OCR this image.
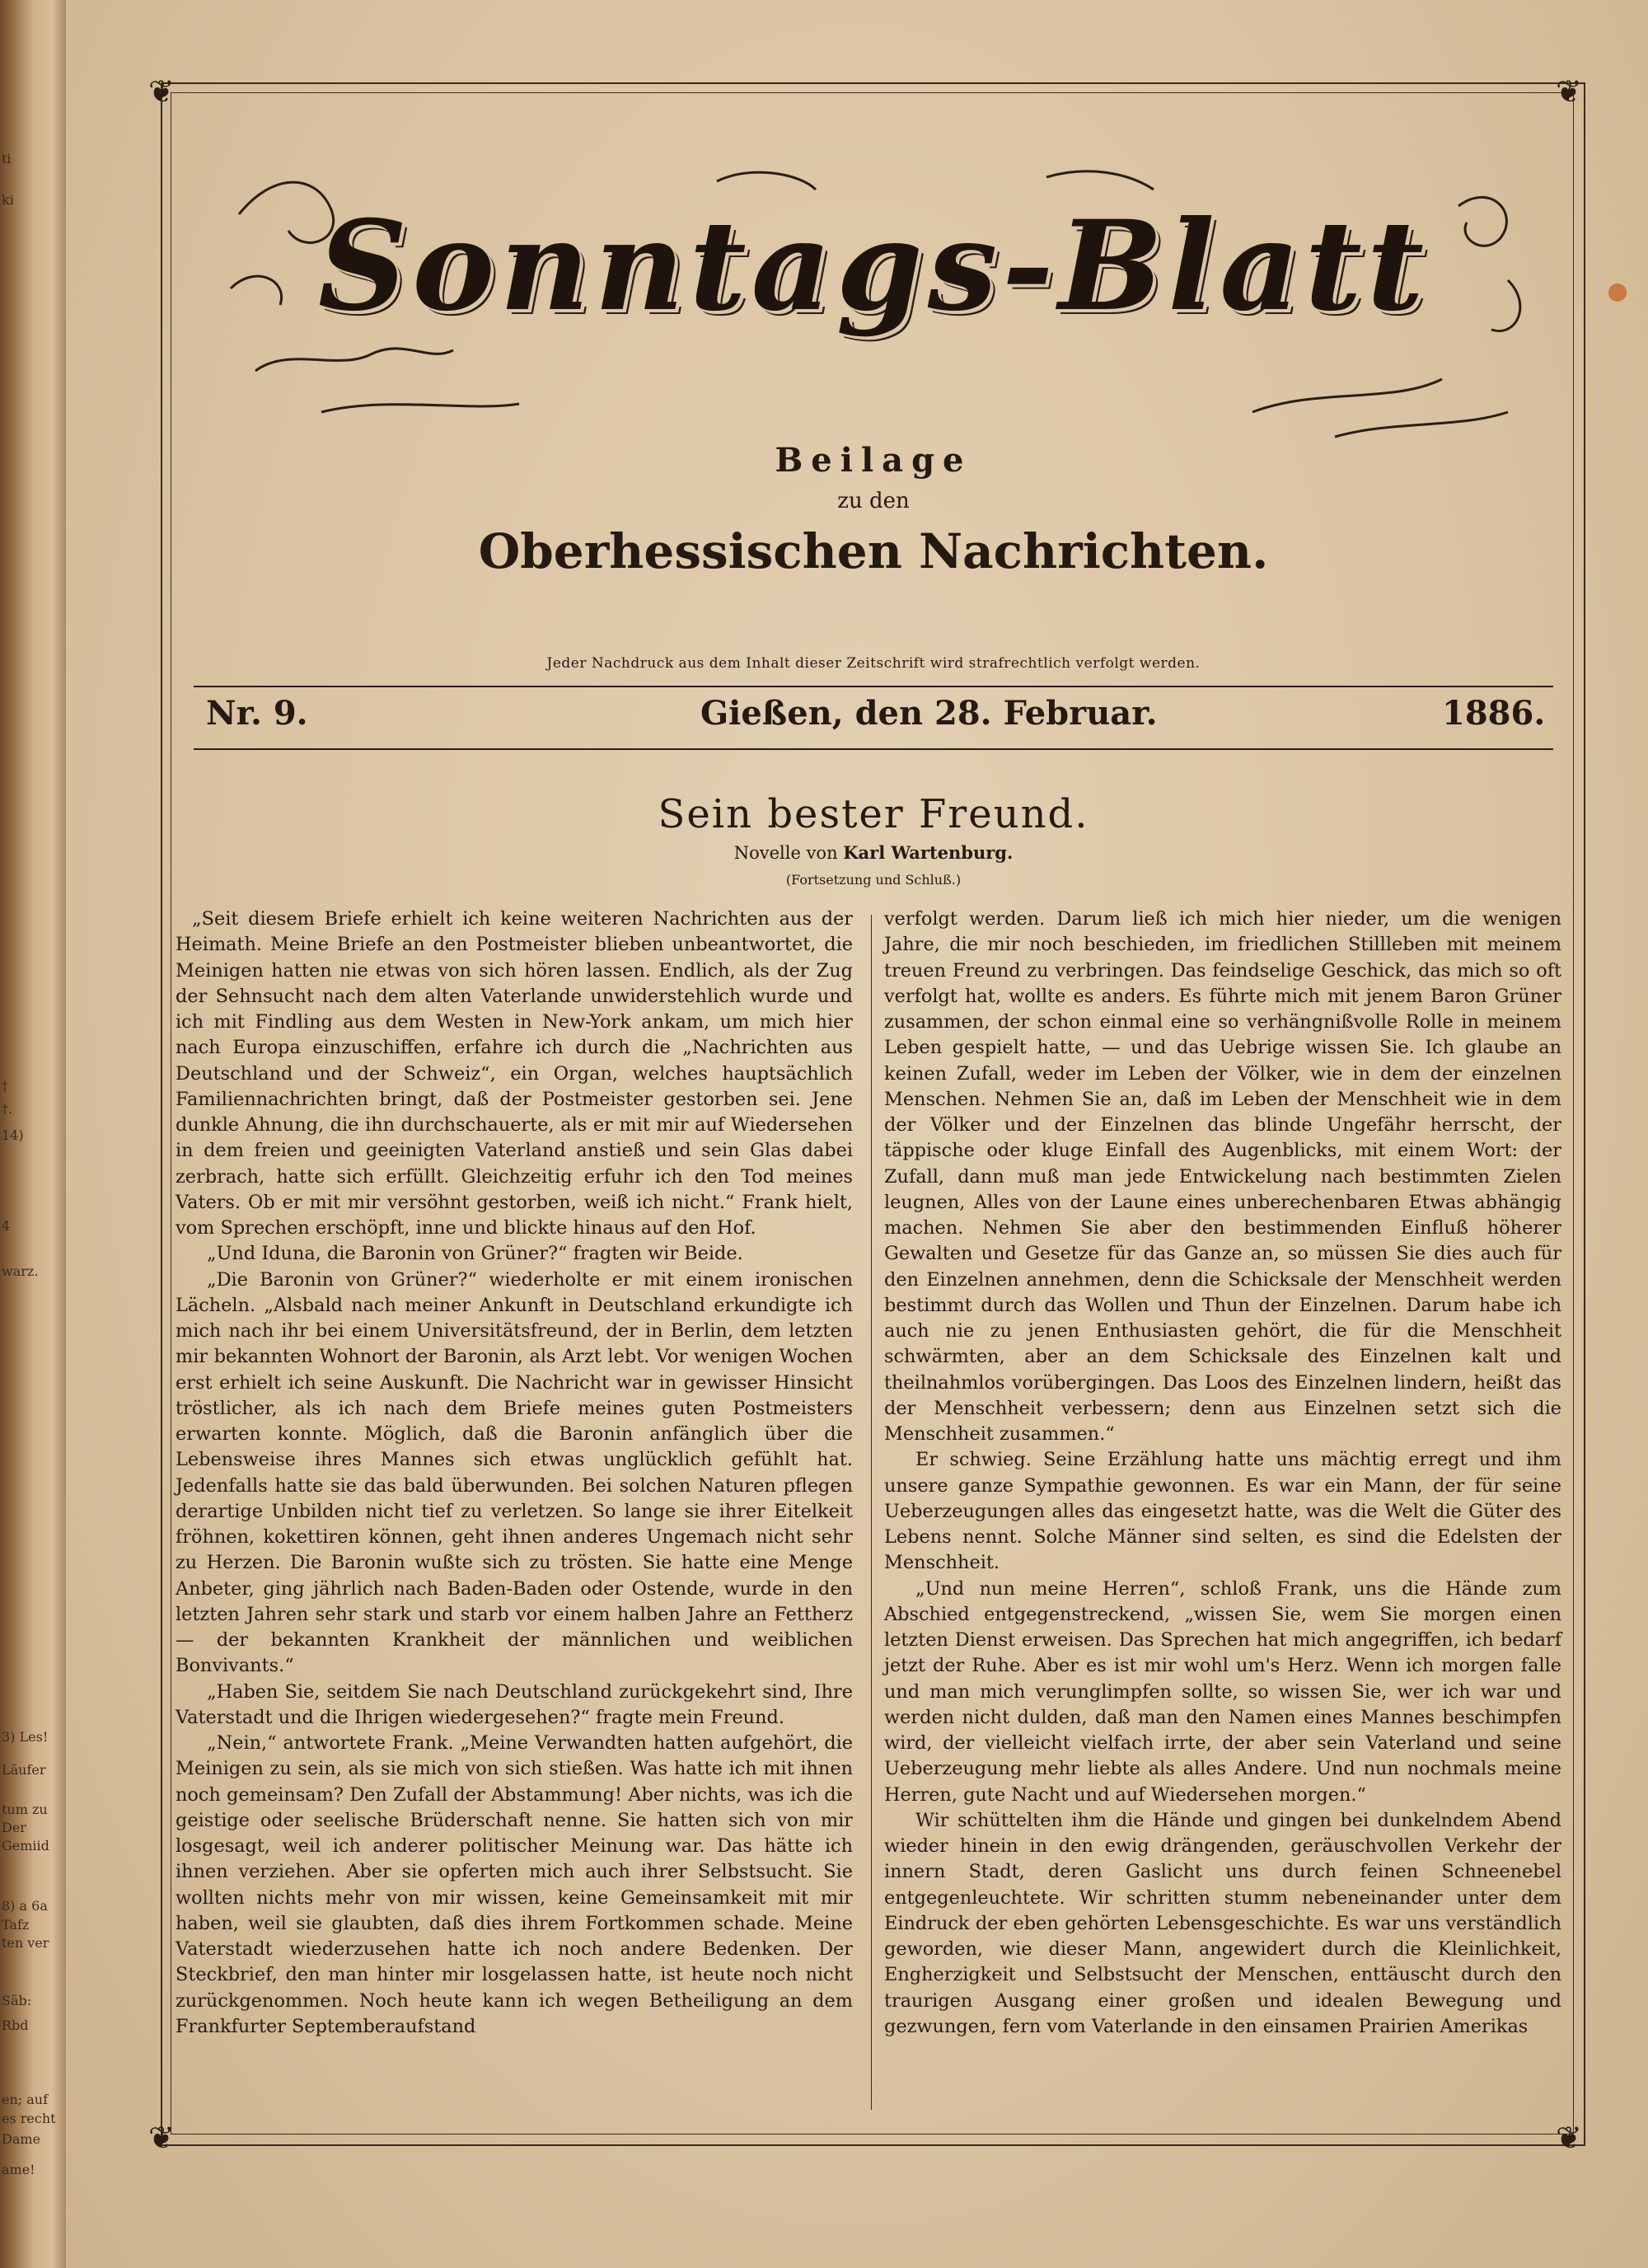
ti
ki
†
†.
14)
4
warz.
3) Les!
Läufer
tum zu
Der
Gemiid
8) a 6a
Tafz
ten ver
Säb:
Rbd
en; auf
es recht
Dame
ame!
❦	❦
❦	❦
Sonntags-Blatt
Beilage
zu den
Oberhessischen Nachrichten.
Jeder Nachdruck aus dem Inhalt dieser Zeitschrift wird strafrechtlich verfolgt werden.
Nr. 9.	Gießen, den 28. Februar.	1886.
Sein bester Freund.
Novelle von Karl Wartenburg.
(Fortsetzung und Schluß.)

„Seit diesem Briefe erhielt ich keine weiteren Nachrichten aus der Heimath. Meine Briefe an den Postmeister blieben unbeantwortet, die Meinigen hatten nie etwas von sich hören lassen. Endlich, als der Zug der Sehnsucht nach dem alten Vaterlande unwiderstehlich wurde und ich mit Findling aus dem Westen in New-York ankam, um mich hier nach Europa einzuschiffen, erfahre ich durch die „Nachrichten aus Deutschland und der Schweiz“, ein Organ, welches hauptsächlich Familiennachrichten bringt, daß der Postmeister gestorben sei. Jene dunkle Ahnung, die ihn durchschauerte, als er mit mir auf Wiedersehen in dem freien und geeinigten Vaterland anstieß und sein Glas dabei zerbrach, hatte sich erfüllt. Gleichzeitig erfuhr ich den Tod meines Vaters. Ob er mit mir versöhnt gestorben, weiß ich nicht.“ Frank hielt, vom Sprechen erschöpft, inne und blickte hinaus auf den Hof.

„Und Iduna, die Baronin von Grüner?“ fragten wir Beide.

„Die Baronin von Grüner?“ wiederholte er mit einem ironischen Lächeln. „Alsbald nach meiner Ankunft in Deutschland erkundigte ich mich nach ihr bei einem Universitätsfreund, der in Berlin, dem letzten mir bekannten Wohnort der Baronin, als Arzt lebt. Vor wenigen Wochen erst erhielt ich seine Auskunft. Die Nachricht war in gewisser Hinsicht tröstlicher, als ich nach dem Briefe meines guten Postmeisters erwarten konnte. Möglich, daß die Baronin anfänglich über die Lebensweise ihres Mannes sich etwas unglücklich gefühlt hat. Jedenfalls hatte sie das bald überwunden. Bei solchen Naturen pflegen derartige Unbilden nicht tief zu verletzen. So lange sie ihrer Eitelkeit fröhnen, kokettiren können, geht ihnen anderes Ungemach nicht sehr zu Herzen. Die Baronin wußte sich zu trösten. Sie hatte eine Menge Anbeter, ging jährlich nach Baden-Baden oder Ostende, wurde in den letzten Jahren sehr stark und starb vor einem halben Jahre an Fettherz — der bekannten Krankheit der männlichen und weiblichen Bonvivants.“

„Haben Sie, seitdem Sie nach Deutschland zurückgekehrt sind, Ihre Vaterstadt und die Ihrigen wiedergesehen?“ fragte mein Freund.

„Nein,“ antwortete Frank. „Meine Verwandten hatten aufgehört, die Meinigen zu sein, als sie mich von sich stießen. Was hatte ich mit ihnen noch gemeinsam? Den Zufall der Abstammung! Aber nichts, was ich die geistige oder seelische Brüderschaft nenne. Sie hatten sich von mir losgesagt, weil ich anderer politischer Meinung war. Das hätte ich ihnen verziehen. Aber sie opferten mich auch ihrer Selbstsucht. Sie wollten nichts mehr von mir wissen, keine Gemeinsamkeit mit mir haben, weil sie glaubten, daß dies ihrem Fortkommen schade. Meine Vaterstadt wiederzusehen hatte ich noch andere Bedenken. Der Steckbrief, den man hinter mir losgelassen hatte, ist heute noch nicht zurückgenommen. Noch heute kann ich wegen Betheiligung an dem Frankfurter Septemberaufstand

verfolgt werden. Darum ließ ich mich hier nieder, um die wenigen Jahre, die mir noch beschieden, im friedlichen Stillleben mit meinem treuen Freund zu verbringen. Das feindselige Geschick, das mich so oft verfolgt hat, wollte es anders. Es führte mich mit jenem Baron Grüner zusammen, der schon einmal eine so verhängnißvolle Rolle in meinem Leben gespielt hatte, — und das Uebrige wissen Sie. Ich glaube an keinen Zufall, weder im Leben der Völker, wie in dem der einzelnen Menschen. Nehmen Sie an, daß im Leben der Menschheit wie in dem der Völker und der Einzelnen das blinde Ungefähr herrscht, der täppische oder kluge Einfall des Augenblicks, mit einem Wort: der Zufall, dann muß man jede Entwickelung nach bestimmten Zielen leugnen, Alles von der Laune eines unberechenbaren Etwas abhängig machen. Nehmen Sie aber den bestimmenden Einfluß höherer Gewalten und Gesetze für das Ganze an, so müssen Sie dies auch für den Einzelnen annehmen, denn die Schicksale der Menschheit werden bestimmt durch das Wollen und Thun der Einzelnen. Darum habe ich auch nie zu jenen Enthusiasten gehört, die für die Menschheit schwärmten, aber an dem Schicksale des Einzelnen kalt und theilnahmlos vorübergingen. Das Loos des Einzelnen lindern, heißt das der Menschheit verbessern; denn aus Einzelnen setzt sich die Menschheit zusammen.“

Er schwieg. Seine Erzählung hatte uns mächtig erregt und ihm unsere ganze Sympathie gewonnen. Es war ein Mann, der für seine Ueberzeugungen alles das eingesetzt hatte, was die Welt die Güter des Lebens nennt. Solche Männer sind selten, es sind die Edelsten der Menschheit.

„Und nun meine Herren“, schloß Frank, uns die Hände zum Abschied entgegenstreckend, „wissen Sie, wem Sie morgen einen letzten Dienst erweisen. Das Sprechen hat mich angegriffen, ich bedarf jetzt der Ruhe. Aber es ist mir wohl um's Herz. Wenn ich morgen falle und man mich verunglimpfen sollte, so wissen Sie, wer ich war und werden nicht dulden, daß man den Namen eines Mannes beschimpfen wird, der vielleicht vielfach irrte, der aber sein Vaterland und seine Ueberzeugung mehr liebte als alles Andere. Und nun nochmals meine Herren, gute Nacht und auf Wiedersehen morgen.“

Wir schüttelten ihm die Hände und gingen bei dunkelndem Abend wieder hinein in den ewig drängenden, geräuschvollen Verkehr der innern Stadt, deren Gaslicht uns durch feinen Schneenebel entgegenleuchtete. Wir schritten stumm nebeneinander unter dem Eindruck der eben gehörten Lebensgeschichte. Es war uns verständlich geworden, wie dieser Mann, angewidert durch die Kleinlichkeit, Engherzigkeit und Selbstsucht der Menschen, enttäuscht durch den traurigen Ausgang einer großen und idealen Bewegung und gezwungen, fern vom Vaterlande in den einsamen Prairien Amerikas
